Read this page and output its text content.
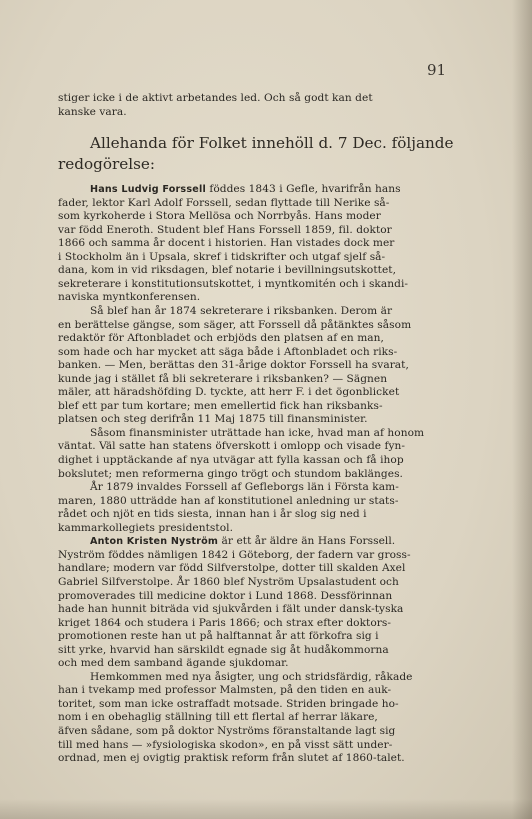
91
stiger icke i de aktivt arbetandes led. Och så godt kan det
kanske vara.
Allehanda för Folket innehöll d. 7 Dec. följande
redogörelse:
Hans Ludvig Forssell föddes 1843 i Gefle, hvarifrån hans
fader, lektor Karl Adolf Forssell, sedan flyttade till Nerike så-
som kyrkoherde i Stora Mellösa och Norrbyås. Hans moder
var född Eneroth. Student blef Hans Forssell 1859, fil. doktor
1866 och samma år docent i historien. Han vistades dock mer
i Stockholm än i Upsala, skref i tidskrifter och utgaf sjelf så-
dana, kom in vid riksdagen, blef notarie i bevillningsutskottet,
sekreterare i konstitutionsutskottet, i myntkomitén och i skandi-
naviska myntkonferensen.
Så blef han år 1874 sekreterare i riksbanken. Derom är
en berättelse gängse, som säger, att Forssell då påtänktes såsom
redaktör för Aftonbladet och erbjöds den platsen af en man,
som hade och har mycket att säga både i Aftonbladet och riks-
banken. — Men, berättas den 31-årige doktor Forssell ha svarat,
kunde jag i stället få bli sekreterare i riksbanken? — Sägnen
mäler, att häradshöfding D. tyckte, att herr F. i det ögonblicket
blef ett par tum kortare; men emellertid fick han riksbanks-
platsen och steg derifrån 11 Maj 1875 till finansminister.
Såsom finansminister uträttade han icke, hvad man af honom
väntat. Väl satte han statens öfverskott i omlopp och visade fyn-
dighet i upptäckande af nya utvägar att fylla kassan och få ihop
bokslutet; men reformerna gingo trögt och stundom baklänges.
År 1879 invaldes Forssell af Gefleborgs län i Första kam-
maren, 1880 utträdde han af konstitutionel anledning ur stats-
rådet och njöt en tids siesta, innan han i år slog sig ned i
kammarkollegiets presidentstol.
Anton Kristen Nyström är ett år äldre än Hans Forssell.
Nyström föddes nämligen 1842 i Göteborg, der fadern var gross-
handlare; modern var född Silfverstolpe, dotter till skalden Axel
Gabriel Silfverstolpe. År 1860 blef Nyström Upsalastudent och
promoverades till medicine doktor i Lund 1868. Dessförinnan
hade han hunnit biträda vid sjukvården i fält under dansk-tyska
kriget 1864 och studera i Paris 1866; och strax efter doktors-
promotionen reste han ut på halftannat år att förkofra sig i
sitt yrke, hvarvid han särskildt egnade sig åt hudåkommorna
och med dem samband ägande sjukdomar.
Hemkommen med nya åsigter, ung och stridsfärdig, råkade
han i tvekamp med professor Malmsten, på den tiden en auk-
toritet, som man icke ostraffadt motsade. Striden bringade ho-
nom i en obehaglig ställning till ett flertal af herrar läkare,
äfven sådane, som på doktor Nyströms föranstaltande lagt sig
till med hans — »fysiologiska skodon», en på visst sätt under-
ordnad, men ej ovigtig praktisk reform från slutet af 1860-talet.
